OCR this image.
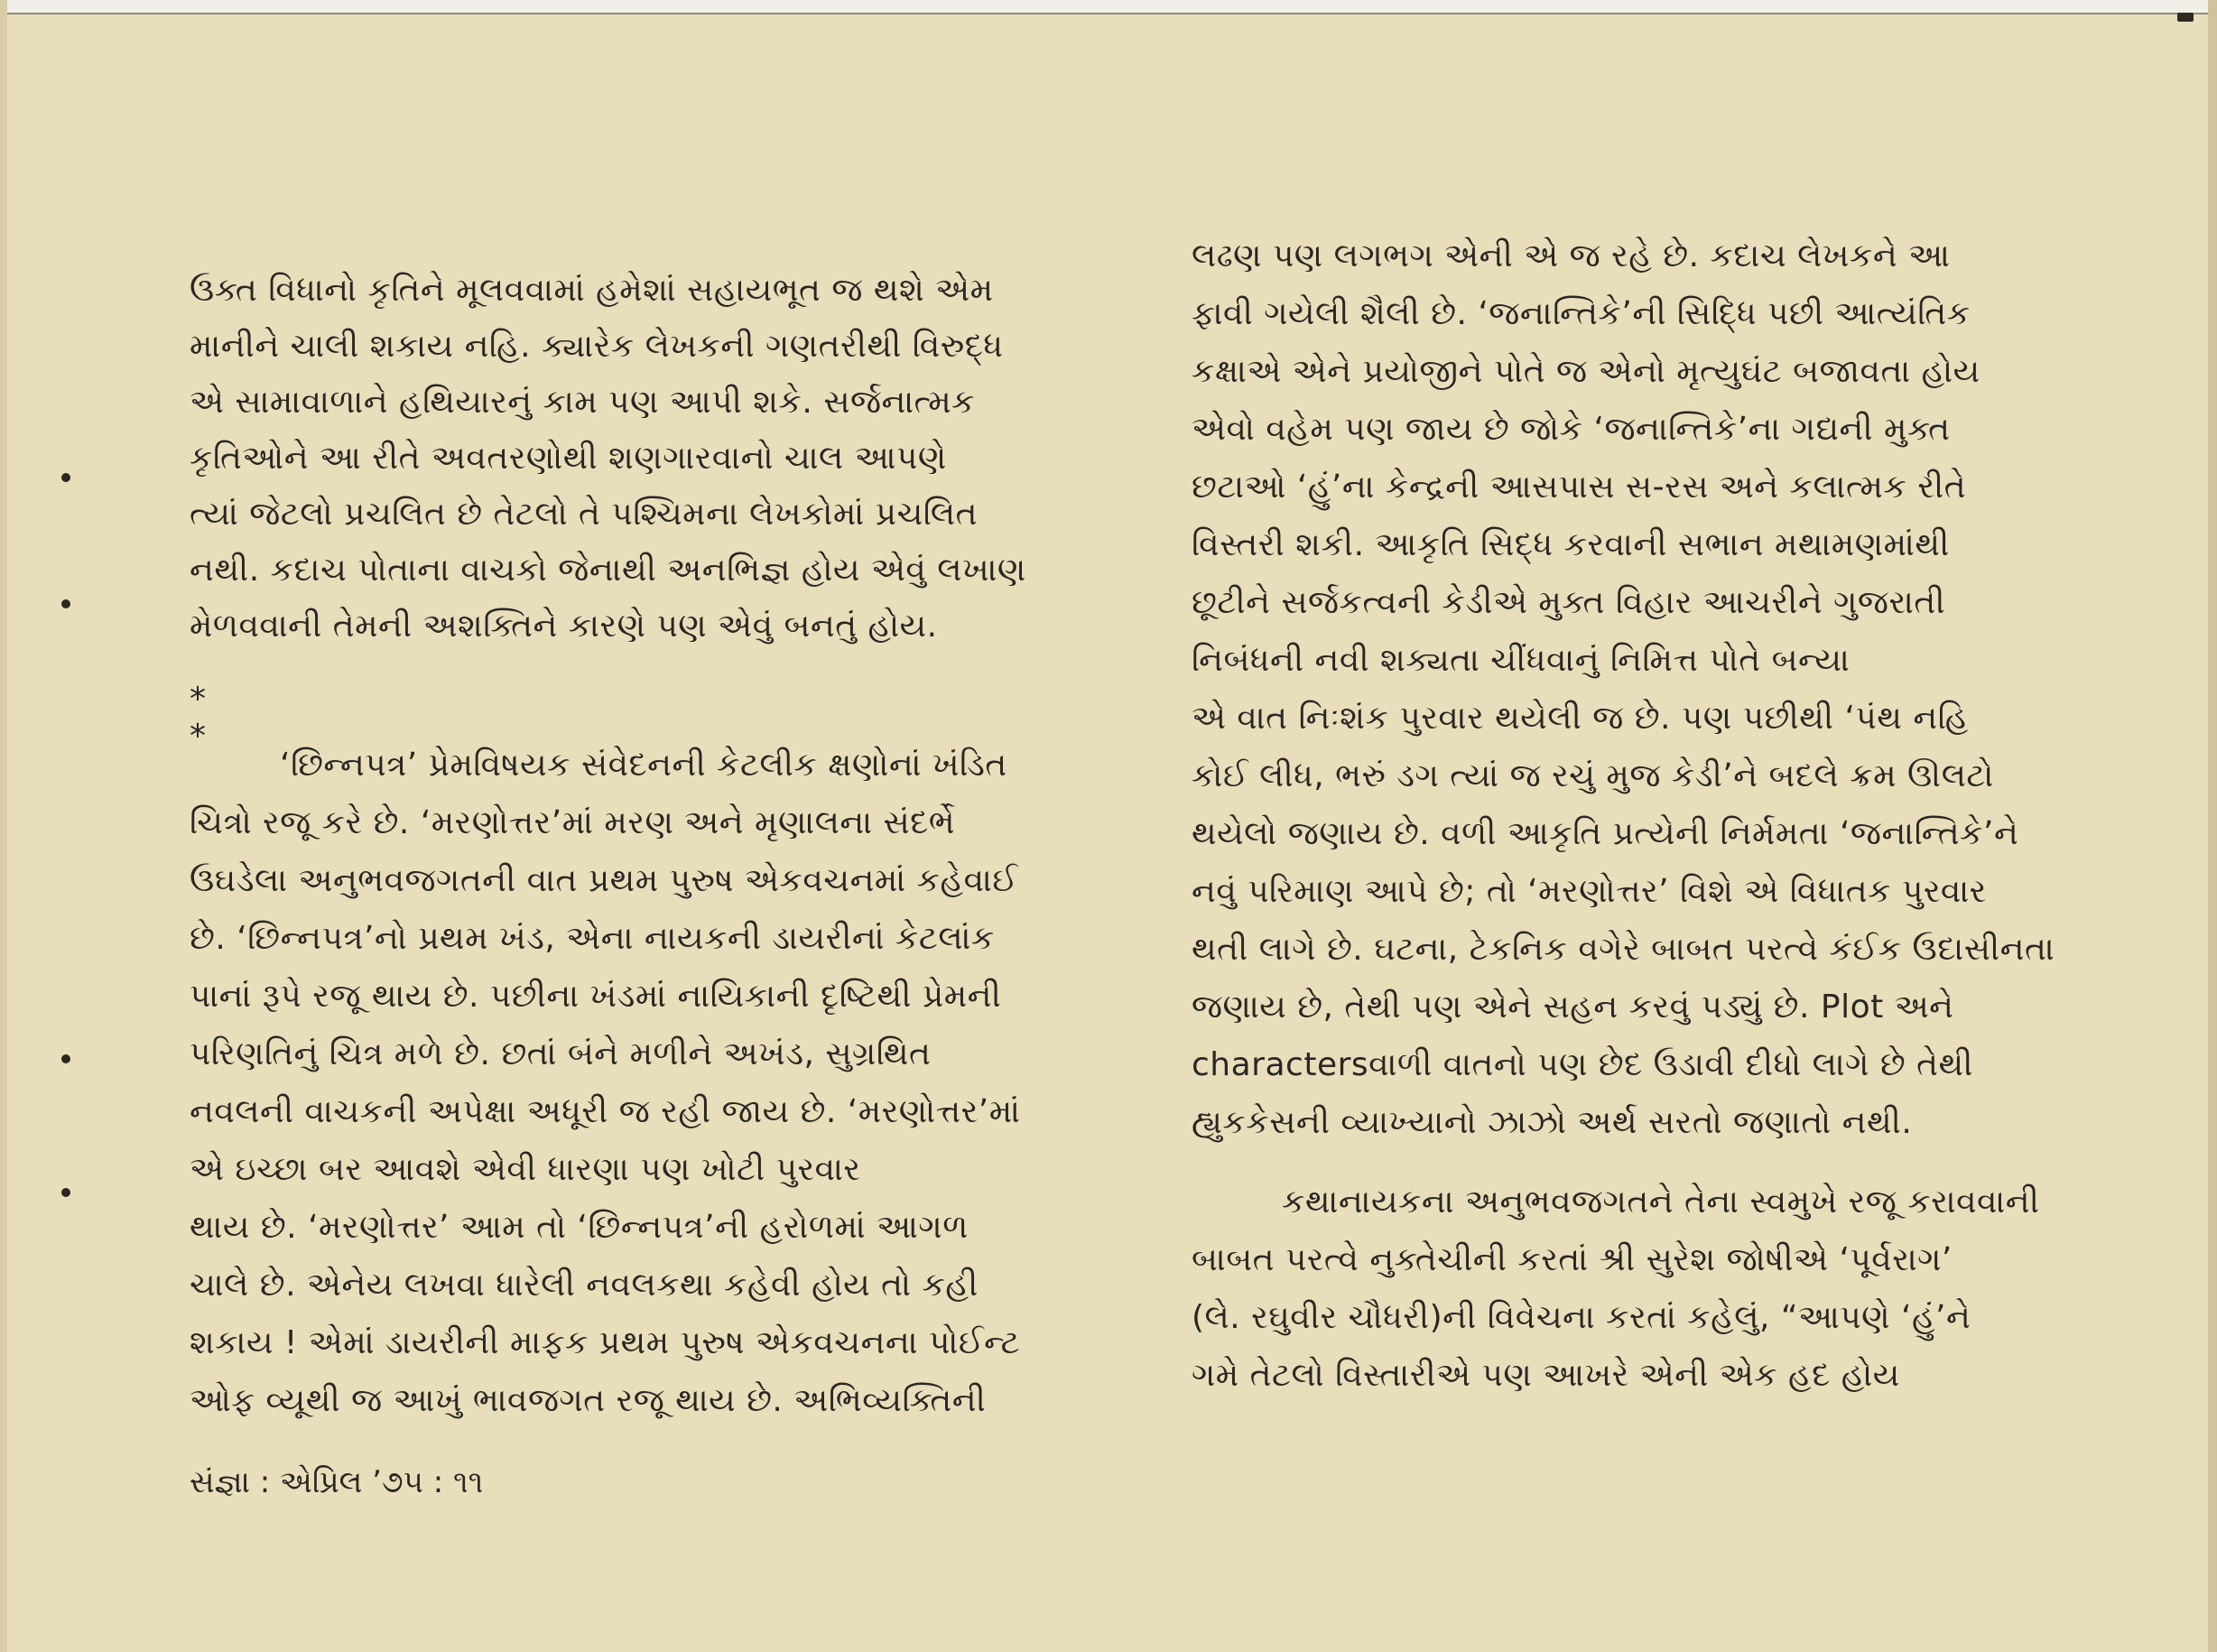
ઉક્ત વિધાનો કૃતિને મૂલવવામાં હમેશાં સહાયભૂત જ થશે એમ
માનીને ચાલી શકાય નહિ. ક્યારેક લેખકની ગણતરીથી વિરુદ્ધ
એ સામાવાળાને હથિયારનું કામ પણ આપી શકે. સર્જનાત્મક
કૃતિઓને આ રીતે અવતરણોથી શણગારવાનો ચાલ આપણે
ત્યાં જેટલો પ્રચલિત છે તેટલો તે પશ્ચિમના લેખકોમાં પ્રચલિત
નથી. કદાચ પોતાના વાચકો જેનાથી અનભિજ્ઞ હોય એવું લખાણ
મેળવવાની તેમની અશક્તિને કારણે પણ એવું બનતું હોય.
* *
‘છિન્નપત્ર’ પ્રેમવિષયક સંવેદનની કેટલીક ક્ષણોનાં ખંડિત
ચિત્રો રજૂ કરે છે. ‘મરણોત્તર’માં મરણ અને મૃણાલના સંદર્ભે
ઉઘડેલા અનુભવજગતની વાત પ્રથમ પુરુષ એકવચનમાં કહેવાઈ
છે. ‘છિન્નપત્ર’નો પ્રથમ ખંડ, એના નાયકની ડાયરીનાં કેટલાંક
પાનાં રૂપે રજૂ થાય છે. પછીના ખંડમાં નાયિકાની દૃષ્ટિથી પ્રેમની
પરિણતિનું ચિત્ર મળે છે. છતાં બંને મળીને અખંડ, સુગ્રથિત
નવલની વાચકની અપેક્ષા અધૂરી જ રહી જાય છે. ‘મરણોત્તર’માં
એ ઇચ્છા બર આવશે એવી ધારણા પણ ખોટી પુરવાર
થાય છે. ‘મરણોત્તર’ આમ તો ‘છિન્નપત્ર’ની હરોળમાં આગળ
ચાલે છે. એનેય લખવા ધારેલી નવલકથા કહેવી હોય તો કહી
શકાય ! એમાં ડાયરીની માફક પ્રથમ પુરુષ એકવચનના પોઈન્ટ
ઓફ વ્યૂથી જ આખું ભાવજગત રજૂ થાય છે. અભિવ્યક્તિની
લઢણ પણ લગભગ એની એ જ રહે છે. કદાચ લેખકને આ
ફાવી ગયેલી શૈલી છે. ‘જનાન્તિકે’ની સિદ્ધિ પછી આત્યંતિક
કક્ષાએ એને પ્રયોજીને પોતે જ એનો મૃત્યુઘંટ બજાવતા હોય
એવો વહેમ પણ જાય છે જોકે ‘જનાન્તિકે’ના ગદ્યની મુક્ત
છટાઓ ‘હું’ના કેન્દ્રની આસપાસ સ-રસ અને કલાત્મક રીતે
વિસ્તરી શકી. આકૃતિ સિદ્ધ કરવાની સભાન મથામણમાંથી
છૂટીને સર્જકત્વની કેડીએ મુક્ત વિહાર આચરીને ગુજરાતી
નિબંધની નવી શક્યતા ચીંધવાનું નિમિત્ત પોતે બન્યા
એ વાત નિઃશંક પુરવાર થયેલી જ છે. પણ પછીથી ‘પંથ નહિ
કોઈ લીધ, ભરું ડગ ત્યાં જ રચું મુજ કેડી’ને બદલે ક્રમ ઊલટો
થયેલો જણાય છે. વળી આકૃતિ પ્રત્યેની નિર્મમતા ‘જનાન્તિકે’ને
નવું પરિમાણ આપે છે; તો ‘મરણોત્તર’ વિશે એ વિધાતક પુરવાર
થતી લાગે છે. ઘટના, ટેકનિક વગેરે બાબત પરત્વે કંઈક ઉદાસીનતા
જણાય છે, તેથી પણ એને સહન કરવું પડ્યું છે. Plot અને
charactersવાળી વાતનો પણ છેદ ઉડાવી દીધો લાગે છે તેથી
હ્યુકકેસની વ્યાખ્યાનો ઝાઝો અર્થ સરતો જણાતો નથી.
કથાનાયકના અનુભવજગતને તેના સ્વમુખે રજૂ કરાવવાની
બાબત પરત્વે નુક્તેચીની કરતાં શ્રી સુરેશ જોષીએ ‘પૂર્વરાગ’
(લે. રઘુવીર ચૌધરી)ની વિવેચના કરતાં કહેલું, “આપણે ‘હું’ને
ગમે તેટલો વિસ્તારીએ પણ આખરે એની એક હદ હોય
સંજ્ઞા : એપ્રિલ ’૭૫ : ૧૧
